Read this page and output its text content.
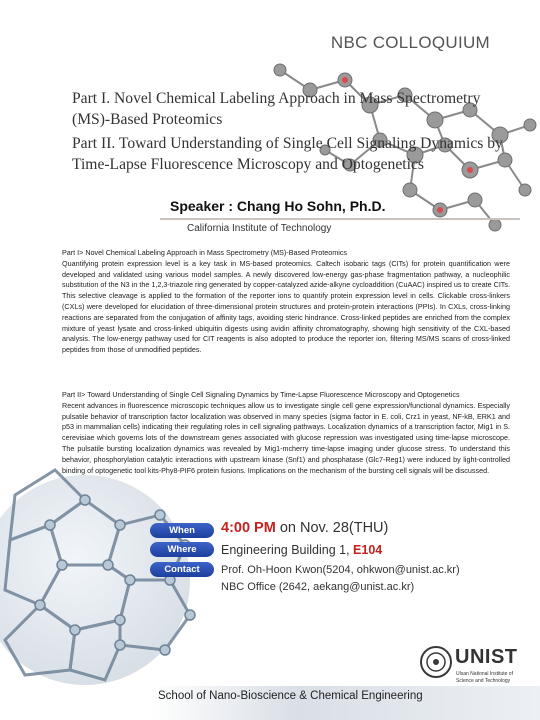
NBC COLLOQUIUM
Part I. Novel Chemical Labeling Approach in Mass Spectrometry (MS)-Based Proteomics
Part II. Toward Understanding of Single Cell Signaling Dynamics by Time-Lapse Fluorescence Microscopy and Optogenetics
Speaker : Chang Ho Sohn, Ph.D.
California Institute of Technology
Part I> Novel Chemical Labeling Approach in Mass Spectrometry (MS)-Based Proteomics
Quantifying protein expression level is a key task in MS-based proteomics. Caltech isobaric tags (CITs) for protein quantification were developed and validated using various model samples. A newly discovered low-energy gas-phase fragmentation pathway, a nucleophilic substitution of the N3 in the 1,2,3-triazole ring generated by copper-catalyzed azide-alkyne cycloaddition (CuAAC) inspired us to create CITs. This selective cleavage is applied to the formation of the reporter ions to quantify protein expression level in cells. Clickable cross-linkers (CXLs) were developed for elucidation of three-dimensional protein structures and protein-protein interactions (PPIs). In CXLs, cross-linking reactions are separated from the conjugation of affinity tags, avoiding steric hindrance. Cross-linked peptides are enriched from the complex mixture of yeast lysate and cross-linked ubiquitin digests using avidin affinity chromatography, showing high sensitivity of the CXL-based analysis. The low-energy pathway used for CIT reagents is also adopted to produce the reporter ion, filtering MS/MS scans of cross-linked peptides from those of unmodified peptides.
Part II> Toward Understanding of Single Cell Signaling Dynamics by Time-Lapse Fluorescence Microscopy and Optogenetics
Recent advances in fluorescence microscopic techniques allow us to investigate single cell gene expression/functional dynamics. Especially pulsatile behavior of transcription factor localization was observed in many species (sigma factor in E. coli, Crz1 in yeast, NF-kB, ERK1 and p53 in mammalian cells) indicating their regulating roles in cell signaling pathways. Localization dynamics of a transcription factor, Mig1 in S. cerevisiae which governs lots of the downstream genes associated with glucose repression was investigated using time-lapse microscope. The pulsatile bursting localization dynamics was revealed by Mig1-mcherry time-lapse imaging under glucose stress. To understand this behavior, phosphorylation catalytic interactions with upstream kinase (Snf1) and phosphatase (Glc7-Reg1) were induced by light-controlled binding of optogenetic tool kits-Phy8-PIF6 protein fusions. Implications on the mechanism of the bursting cell signals will be discussed.
When
Where
Contact
4:00 PM on Nov. 28(THU)
Engineering Building 1, E104
Prof. Oh-Hoon Kwon(5204, ohkwon@unist.ac.kr)
NBC Office (2642, aekang@unist.ac.kr)
School of Nano-Bioscience & Chemical Engineering
UNIST
Ulsan National Institute of
Science and Technology
